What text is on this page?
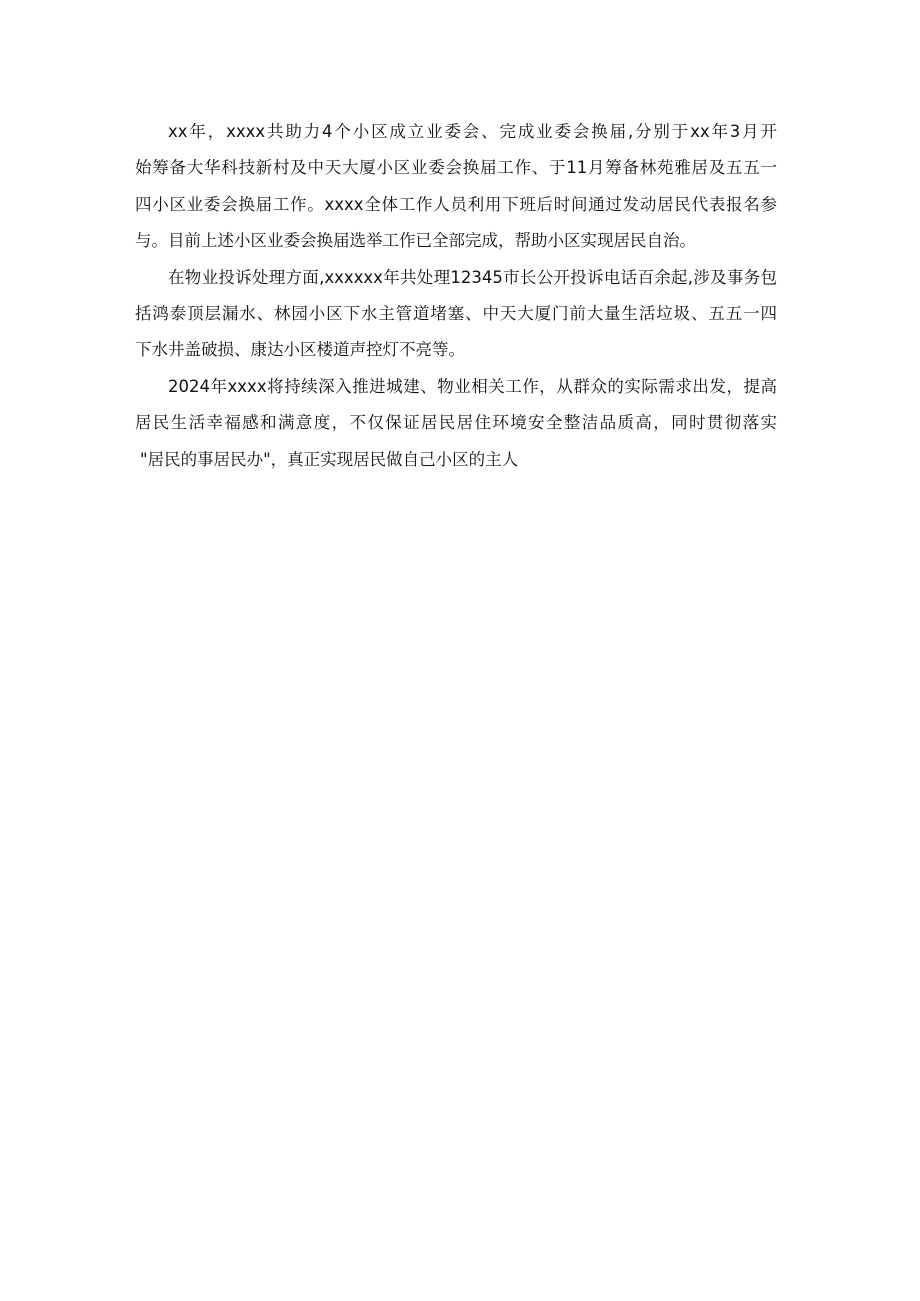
xx年，xxxx共助力4个小区成立业委会、完成业委会换届,分别于xx年3月开
始筹备大华科技新村及中天大厦小区业委会换届工作、于11月筹备林苑雅居及五五一
四小区业委会换届工作。xxxx全体工作人员利用下班后时间通过发动居民代表报名参
与。目前上述小区业委会换届选举工作已全部完成，帮助小区实现居民自治。
在物业投诉处理方面,xxxxxx年共处理12345市长公开投诉电话百余起,涉及事务包
括鸿泰顶层漏水、林园小区下水主管道堵塞、中天大厦门前大量生活垃圾、五五一四
下水井盖破损、康达小区楼道声控灯不亮等。
2024年xxxx将持续深入推进城建、物业相关工作，从群众的实际需求出发，提高
居民生活幸福感和满意度，不仅保证居民居住环境安全整洁品质高，同时贯彻落实
"居民的事居民办"，真正实现居民做自己小区的主人
